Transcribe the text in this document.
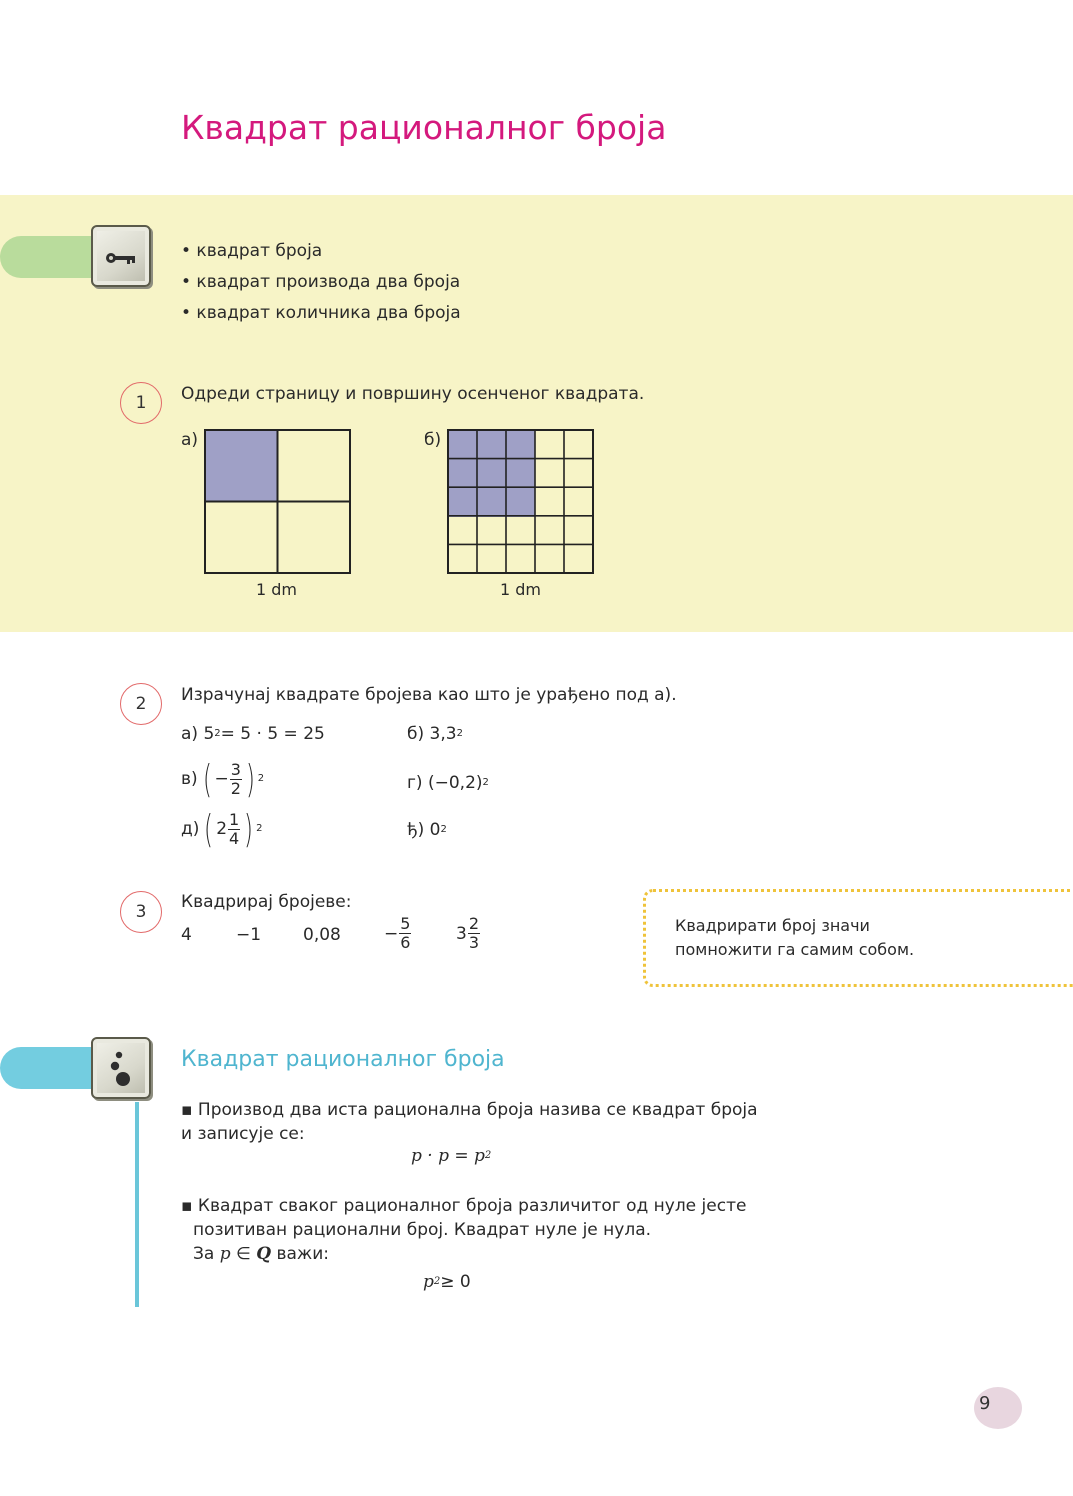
Квадрат рационалног броја
• квадрат броја
• квадрат производа два броја
• квадрат количника два броја
1	Одреди страницу и површину осенченог квадрата.
а)	б)
1 dm	1 dm
2	Израчунај квадрате бројева као што је урађено под а).
а) 5 2 = 5 · 5 = 25	б) 3,3 2
в) ( − $\frac{3}{2}$ ) 2	г) (−0,2) 2
д) ( $2 \frac{1}{4}$ ) 2	ђ) 0 2
3	Квадрирај бројеве:
4	−1 0,08	− $\frac{5}{6}$	$3 \frac{2}{3}$	Квадрирати број значи
помножити га самим собом.
Квадрат рационалног броја
▪ Производ два иста рационална броја назива се квадрат броја
и записује се:
p · p = p 2
▪ Квадрат сваког рационалног броја различитог од нуле јесте
позитиван рационални број. Квадрат нуле је нула.
За p ∈ Q важи:
p 2 ≥ 0
9
